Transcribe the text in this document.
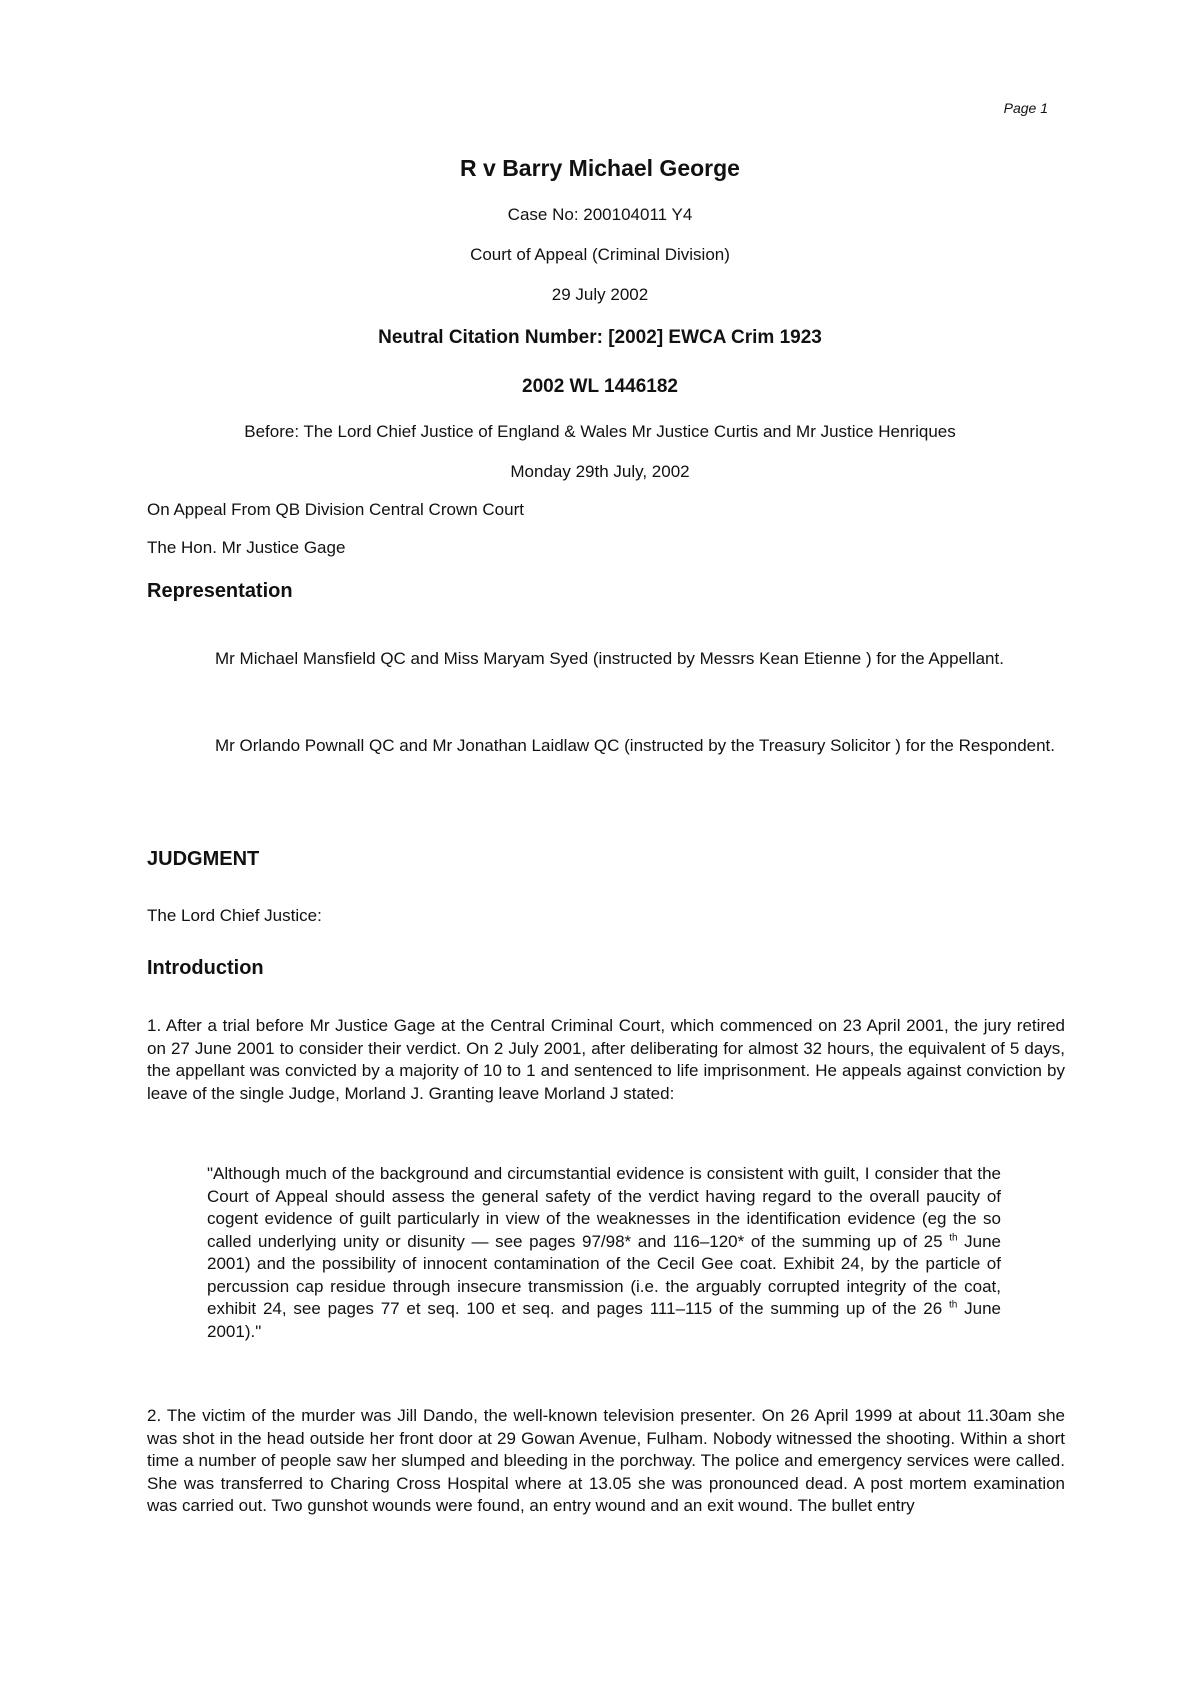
Page 1
R v Barry Michael George
Case No: 200104011 Y4
Court of Appeal (Criminal Division)
29 July 2002
Neutral Citation Number: [2002] EWCA Crim 1923
2002 WL 1446182
Before: The Lord Chief Justice of England & Wales Mr Justice Curtis and Mr Justice Henriques
Monday 29th July, 2002
On Appeal From QB Division Central Crown Court
The Hon. Mr Justice Gage
Representation
Mr Michael Mansfield QC and Miss Maryam Syed (instructed by Messrs Kean Etienne ) for the Appellant.
Mr Orlando Pownall QC and Mr Jonathan Laidlaw QC (instructed by the Treasury Solicitor ) for the Respondent.
JUDGMENT
The Lord Chief Justice:
Introduction
1. After a trial before Mr Justice Gage at the Central Criminal Court, which commenced on 23 April 2001, the jury retired on 27 June 2001 to consider their verdict. On 2 July 2001, after deliberating for almost 32 hours, the equivalent of 5 days, the appellant was convicted by a majority of 10 to 1 and sentenced to life imprisonment. He appeals against conviction by leave of the single Judge, Morland J. Granting leave Morland J stated:
"Although much of the background and circumstantial evidence is consistent with guilt, I consider that the Court of Appeal should assess the general safety of the verdict having regard to the overall paucity of cogent evidence of guilt particularly in view of the weaknesses in the identification evidence (eg the so called underlying unity or disunity — see pages 97/98* and 116–120* of the summing up of 25 $^{th}$ June 2001) and the possibility of innocent contamination of the Cecil Gee coat. Exhibit 24, by the particle of percussion cap residue through insecure transmission (i.e. the arguably corrupted integrity of the coat, exhibit 24, see pages 77 et seq. 100 et seq. and pages 111–115 of the summing up of the 26 $^{th}$ June 2001)."
2. The victim of the murder was Jill Dando, the well-known television presenter. On 26 April 1999 at about 11.30am she was shot in the head outside her front door at 29 Gowan Avenue, Fulham. Nobody witnessed the shooting. Within a short time a number of people saw her slumped and bleeding in the porchway. The police and emergency services were called. She was transferred to Charing Cross Hospital where at 13.05 she was pronounced dead. A post mortem examination was carried out. Two gunshot wounds were found, an entry wound and an exit wound. The bullet entry
